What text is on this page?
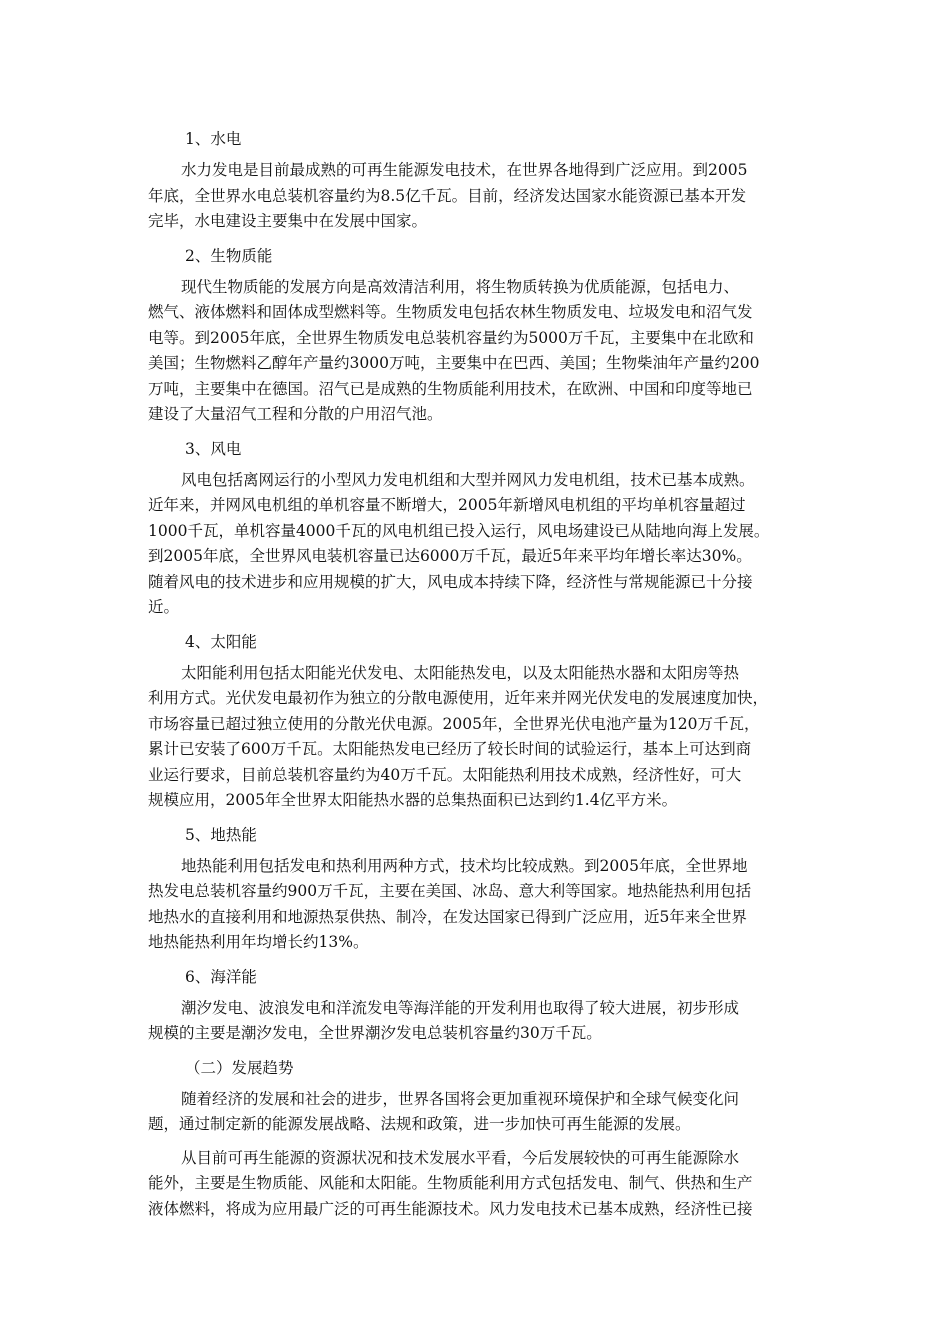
1、水电
水力发电是目前最成熟的可再生能源发电技术，在世界各地得到广泛应用。到2005
年底，全世界水电总装机容量约为8.5亿千瓦。目前，经济发达国家水能资源已基本开发
完毕，水电建设主要集中在发展中国家。
2、生物质能
现代生物质能的发展方向是高效清洁利用，将生物质转换为优质能源，包括电力、
燃气、液体燃料和固体成型燃料等。生物质发电包括农林生物质发电、垃圾发电和沼气发
电等。到2005年底，全世界生物质发电总装机容量约为5000万千瓦，主要集中在北欧和
美国；生物燃料乙醇年产量约3000万吨，主要集中在巴西、美国；生物柴油年产量约200
万吨，主要集中在德国。沼气已是成熟的生物质能利用技术，在欧洲、中国和印度等地已
建设了大量沼气工程和分散的户用沼气池。
3、风电
风电包括离网运行的小型风力发电机组和大型并网风力发电机组，技术已基本成熟。
近年来，并网风电机组的单机容量不断增大，2005年新增风电机组的平均单机容量超过
1000千瓦，单机容量4000千瓦的风电机组已投入运行，风电场建设已从陆地向海上发展。
到2005年底，全世界风电装机容量已达6000万千瓦，最近5年来平均年增长率达30%。
随着风电的技术进步和应用规模的扩大，风电成本持续下降，经济性与常规能源已十分接
近。
4、太阳能
太阳能利用包括太阳能光伏发电、太阳能热发电，以及太阳能热水器和太阳房等热
利用方式。光伏发电最初作为独立的分散电源使用，近年来并网光伏发电的发展速度加快，
市场容量已超过独立使用的分散光伏电源。2005年，全世界光伏电池产量为120万千瓦，
累计已安装了600万千瓦。太阳能热发电已经历了较长时间的试验运行，基本上可达到商
业运行要求，目前总装机容量约为40万千瓦。太阳能热利用技术成熟，经济性好，可大
规模应用，2005年全世界太阳能热水器的总集热面积已达到约1.4亿平方米。
5、地热能
地热能利用包括发电和热利用两种方式，技术均比较成熟。到2005年底，全世界地
热发电总装机容量约900万千瓦，主要在美国、冰岛、意大利等国家。地热能热利用包括
地热水的直接利用和地源热泵供热、制冷，在发达国家已得到广泛应用，近5年来全世界
地热能热利用年均增长约13%。
6、海洋能
潮汐发电、波浪发电和洋流发电等海洋能的开发利用也取得了较大进展，初步形成
规模的主要是潮汐发电，全世界潮汐发电总装机容量约30万千瓦。
（二）发展趋势
随着经济的发展和社会的进步，世界各国将会更加重视环境保护和全球气候变化问
题，通过制定新的能源发展战略、法规和政策，进一步加快可再生能源的发展。
从目前可再生能源的资源状况和技术发展水平看，今后发展较快的可再生能源除水
能外，主要是生物质能、风能和太阳能。生物质能利用方式包括发电、制气、供热和生产
液体燃料，将成为应用最广泛的可再生能源技术。风力发电技术已基本成熟，经济性已接
